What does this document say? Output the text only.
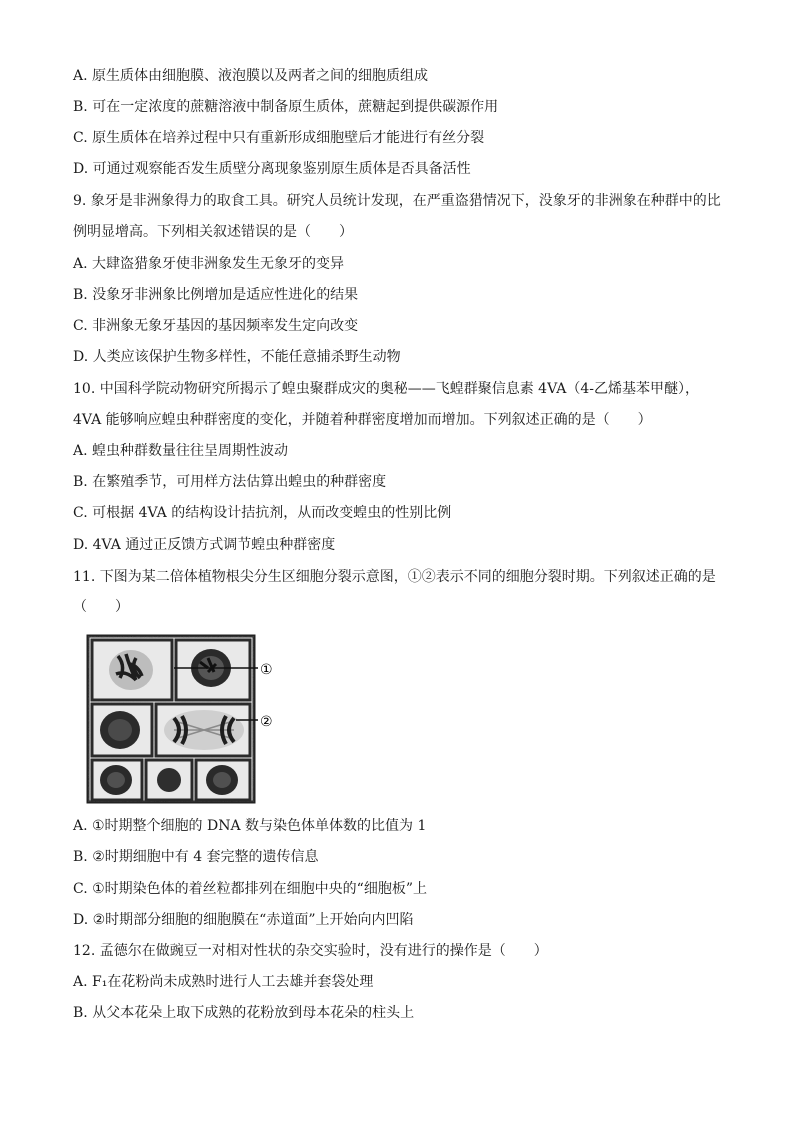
A. 原生质体由细胞膜、液泡膜以及两者之间的细胞质组成
B. 可在一定浓度的蔗糖溶液中制备原生质体，蔗糖起到提供碳源作用
C. 原生质体在培养过程中只有重新形成细胞壁后才能进行有丝分裂
D. 可通过观察能否发生质壁分离现象鉴别原生质体是否具备活性
9. 象牙是非洲象得力的取食工具。研究人员统计发现，在严重盗猎情况下，没象牙的非洲象在种群中的比
例明显增高。下列相关叙述错误的是（　　）
A. 大肆盗猎象牙使非洲象发生无象牙的变异
B. 没象牙非洲象比例增加是适应性进化的结果
C. 非洲象无象牙基因的基因频率发生定向改变
D. 人类应该保护生物多样性，不能任意捕杀野生动物
10. 中国科学院动物研究所揭示了蝗虫聚群成灾的奥秘——飞蝗群聚信息素 4VA（4-乙烯基苯甲醚），
4VA 能够响应蝗虫种群密度的变化，并随着种群密度增加而增加。下列叙述正确的是（　　）
A. 蝗虫种群数量往往呈周期性波动
B. 在繁殖季节，可用样方法估算出蝗虫的种群密度
C. 可根据 4VA 的结构设计拮抗剂，从而改变蝗虫的性别比例
D. 4VA 通过正反馈方式调节蝗虫种群密度
11. 下图为某二倍体植物根尖分生区细胞分裂示意图，①②表示不同的细胞分裂时期。下列叙述正确的是
（　　）
①
②
A. ①时期整个细胞的 DNA 数与染色体单体数的比值为 1
B. ②时期细胞中有 4 套完整的遗传信息
C. ①时期染色体的着丝粒都排列在细胞中央的“细胞板”上
D. ②时期部分细胞的细胞膜在“赤道面”上开始向内凹陷
12. 孟德尔在做豌豆一对相对性状的杂交实验时，没有进行的操作是（　　）
A. F₁在花粉尚未成熟时进行人工去雄并套袋处理
B. 从父本花朵上取下成熟的花粉放到母本花朵的柱头上
